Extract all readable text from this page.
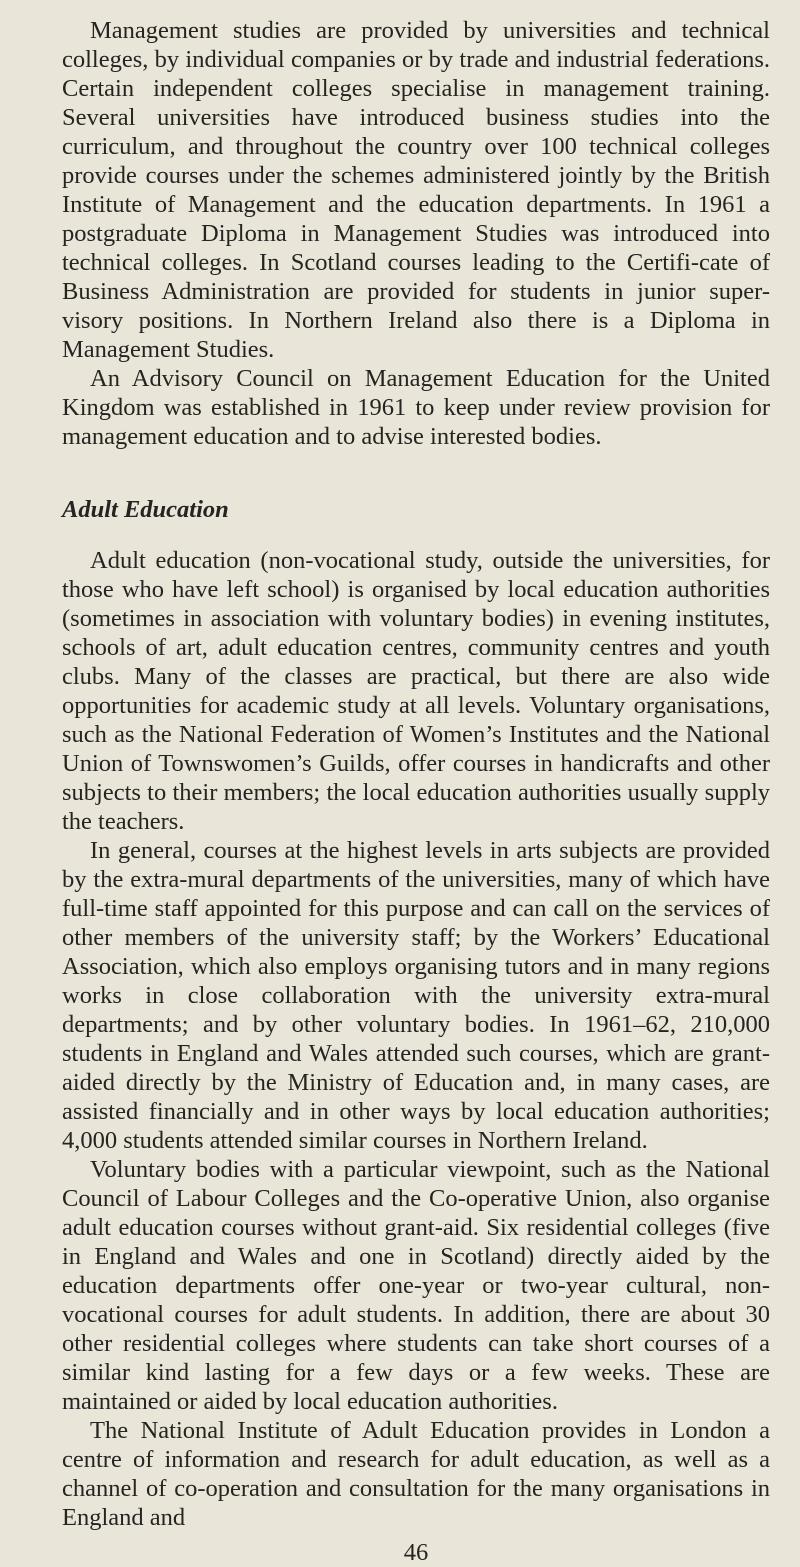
Management studies are provided by universities and technical colleges, by individual companies or by trade and industrial federations. Certain independent colleges specialise in management training. Several universities have introduced business studies into the curriculum, and throughout the country over 100 technical colleges provide courses under the schemes administered jointly by the British Institute of Management and the education departments. In 1961 a postgraduate Diploma in Management Studies was introduced into technical colleges. In Scotland courses leading to the Certifi-cate of Business Administration are provided for students in junior super-visory positions. In Northern Ireland also there is a Diploma in Management Studies.

An Advisory Council on Management Education for the United Kingdom was established in 1961 to keep under review provision for management education and to advise interested bodies.

Adult Education

Adult education (non-vocational study, outside the universities, for those who have left school) is organised by local education authorities (sometimes in association with voluntary bodies) in evening institutes, schools of art, adult education centres, community centres and youth clubs. Many of the classes are practical, but there are also wide opportunities for academic study at all levels. Voluntary organisations, such as the National Federation of Women’s Institutes and the National Union of Townswomen’s Guilds, offer courses in handicrafts and other subjects to their members; the local education authorities usually supply the teachers.

In general, courses at the highest levels in arts subjects are provided by the extra-mural departments of the universities, many of which have full-time staff appointed for this purpose and can call on the services of other members of the university staff; by the Workers’ Educational Association, which also employs organising tutors and in many regions works in close collaboration with the university extra-mural departments; and by other voluntary bodies. In 1961–62, 210,000 students in England and Wales attended such courses, which are grant-aided directly by the Ministry of Education and, in many cases, are assisted financially and in other ways by local education authorities; 4,000 students attended similar courses in Northern Ireland.

Voluntary bodies with a particular viewpoint, such as the National Council of Labour Colleges and the Co-operative Union, also organise adult education courses without grant-aid. Six residential colleges (five in England and Wales and one in Scotland) directly aided by the education departments offer one-year or two-year cultural, non-vocational courses for adult students. In addition, there are about 30 other residential colleges where students can take short courses of a similar kind lasting for a few days or a few weeks. These are maintained or aided by local education authorities.

The National Institute of Adult Education provides in London a centre of information and research for adult education, as well as a channel of co-operation and consultation for the many organisations in England and

46
